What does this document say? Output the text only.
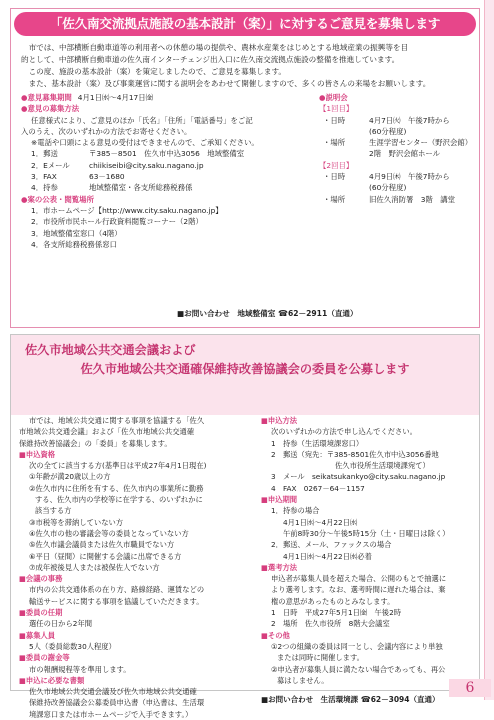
「佐久南交流拠点施設の基本設計（案）」に対するご意見を募集します

市では、中部横断自動車道等の利用者への休憩の場の提供や、農林水産業をはじめとする地域産業の振興等を目

的として、中部横断自動車道の佐久南インターチェンジ出入口に佐久南交流拠点施設の整備を推進しています。

この度、施設の基本設計（案）を策定しましたので、ご意見を募集します。

また、基本設計（案）及び事業運営に関する説明会をあわせて開催しますので、多くの皆さんの来場をお願いします。

●意見募集期間 4月1日㈬～4月17日㈮
●意見の募集方法
任意様式により、ご意見のほか「氏名」「住所」「電話番号」をご記
入のうえ、次のいずれかの方法でお寄せください。
※電話や口頭による意見の受付はできませんので、ご承知ください。
1．郵送	〒385－8501　佐久市中込3056　地域整備室
2．Eメール	chiikiseibi@city.saku.nagano.jp
3．FAX	63－1680
4．持参	地域整備室・各支所総務税務係
●案の公表・閲覧場所
1．市ホームページ【http://www.city.saku.nagano.jp】
2．市役所市民ホール行政資料閲覧コーナー（2階）
3．地域整備室窓口（4階）
4．各支所総務税務係窓口
●説明会
【1回目】
・日時	4月7日㈫　午後7時から
(60分程度)
・場所	生涯学習センター（野沢会館）
2階　野沢会館ホール
【2回目】
・日時	4月9日㈭　午後7時から
(60分程度)
・場所	旧佐久消防署　3階　講堂
■お問い合わせ　地域整備室 ☎62－2911（直通）
佐久市地域公共交通会議および
佐久市地域公共交通確保維持改善協議会の委員を公募します
市では、地域公共交通に関する事項を協議する「佐久
市地域公共交通会議」および「佐久市地域公共交通確
保維持改善協議会」の「委員」を募集します。
■申込資格
次の全てに該当する方(基準日は平成27年4月1日現在)
①年齢が満20歳以上の方
②佐久市内に住所を有する、佐久市内の事業所に勤務
する、佐久市内の学校等に在学する、のいずれかに
該当する方
③市税等を滞納していない方
④佐久市の他の審議会等の委員となっていない方
⑤佐久市議会議員または佐久市職員でない方
⑥平日（昼間）に開催する会議に出席できる方
⑦成年被後見人または被保佐人でない方
■会議の事務
市内の公共交通体系の在り方、路線経路、運賃などの
輸送サービスに関する事項を協議していただきます。
■委員の任期
選任の日から2年間
■募集人員
5人（委員総数30人程度）
■委員の謝金等
市の報酬規程等を準用します。
■申込に必要な書類
佐久市地域公共交通会議及び佐久市地域公共交通確
保維持改善協議会公募委員申込書（申込書は、生活環
境課窓口または市ホームページで入手できます。）
■申込方法
次のいずれかの方法で申し込んでください。
1　持参（生活環境課窓口）
2　郵送（宛先：〒385-8501佐久市中込3056番地
佐久市役所生活環境課宛て）
3　メール　seikatsukankyo@city.saku.nagano.jp
4　FAX　0267－64－1157
■申込期間
1．持参の場合
4月1日㈬～4月22日㈬
午前8時30分～午後5時15分（土・日曜日は除く）
2．郵送、メール、ファックスの場合
4月1日㈬～4月22日㈬必着
■選考方法
申込者が募集人員を超えた場合、公開のもとで抽選に
より選考します。なお、選考時間に遅れた場合は、棄
権の意思があったものとみなします。
1　日時　平成27年5月1日㈮　午後2時
2　場所　佐久市役所　8階大会議室
■その他
①2つの組織の委員は同一とし、会議内容により単独
または同時に開催します。
②申込者が募集人員に満たない場合であっても、再公
募はしません。
■お問い合わせ　生活環境課 ☎62－3094（直通）
6
